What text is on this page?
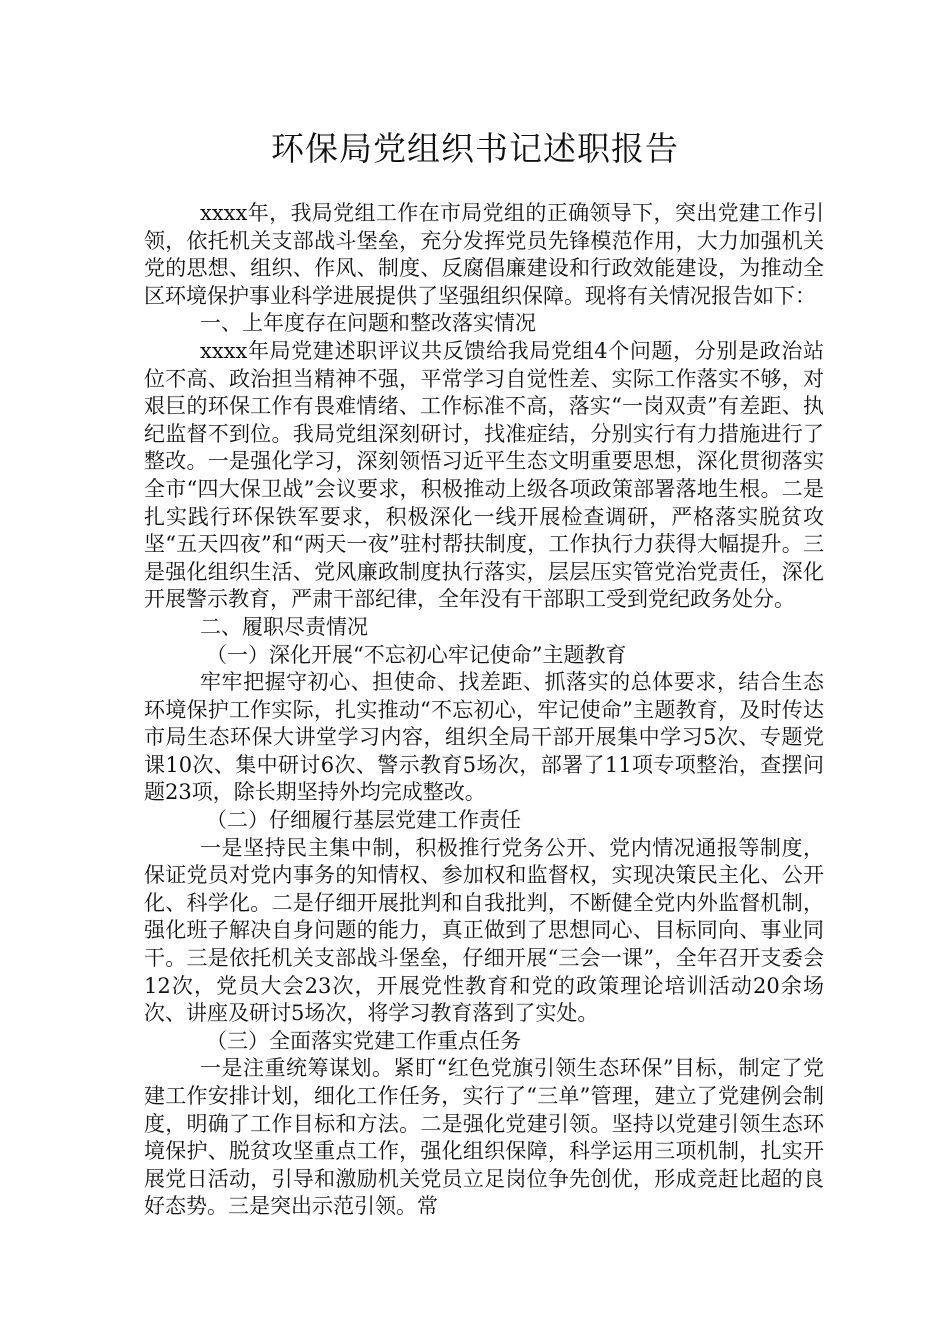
环保局党组织书记述职报告

xxxx年，我局党组工作在市局党组的正确领导下，突出党建工作引领，依托机关支部战斗堡垒，充分发挥党员先锋模范作用，大力加强机关党的思想、组织、作风、制度、反腐倡廉建设和行政效能建设，为推动全区环境保护事业科学进展提供了坚强组织保障。现将有关情况报告如下：

一、上年度存在问题和整改落实情况

xxxx年局党建述职评议共反馈给我局党组4个问题，分别是政治站位不高、政治担当精神不强，平常学习自觉性差、实际工作落实不够，对艰巨的环保工作有畏难情绪、工作标准不高，落实“一岗双责”有差距、执纪监督不到位。我局党组深刻研讨，找准症结，分别实行有力措施进行了整改。一是强化学习，深刻领悟习近平生态文明重要思想，深化贯彻落实全市“四大保卫战”会议要求，积极推动上级各项政策部署落地生根。二是扎实践行环保铁军要求，积极深化一线开展检查调研，严格落实脱贫攻坚“五天四夜”和“两天一夜”驻村帮扶制度，工作执行力获得大幅提升。三是强化组织生活、党风廉政制度执行落实，层层压实管党治党责任，深化开展警示教育，严肃干部纪律，全年没有干部职工受到党纪政务处分。

二、履职尽责情况

（一）深化开展“不忘初心牢记使命”主题教育

牢牢把握守初心、担使命、找差距、抓落实的总体要求，结合生态环境保护工作实际，扎实推动“不忘初心，牢记使命”主题教育，及时传达市局生态环保大讲堂学习内容，组织全局干部开展集中学习5次、专题党课10次、集中研讨6次、警示教育5场次，部署了11项专项整治，查摆问题23项，除长期坚持外均完成整改。

（二）仔细履行基层党建工作责任

一是坚持民主集中制，积极推行党务公开、党内情况通报等制度，保证党员对党内事务的知情权、参加权和监督权，实现决策民主化、公开化、科学化。二是仔细开展批判和自我批判，不断健全党内外监督机制，强化班子解决自身问题的能力，真正做到了思想同心、目标同向、事业同干。三是依托机关支部战斗堡垒，仔细开展“三会一课”，全年召开支委会12次，党员大会23次，开展党性教育和党的政策理论培训活动20余场次、讲座及研讨5场次，将学习教育落到了实处。

（三）全面落实党建工作重点任务

一是注重统筹谋划。紧盯“红色党旗引领生态环保”目标，制定了党建工作安排计划，细化工作任务，实行了“三单”管理，建立了党建例会制度，明确了工作目标和方法。二是强化党建引领。坚持以党建引领生态环境保护、脱贫攻坚重点工作，强化组织保障，科学运用三项机制，扎实开展党日活动，引导和激励机关党员立足岗位争先创优，形成竞赶比超的良好态势。三是突出示范引领。常
